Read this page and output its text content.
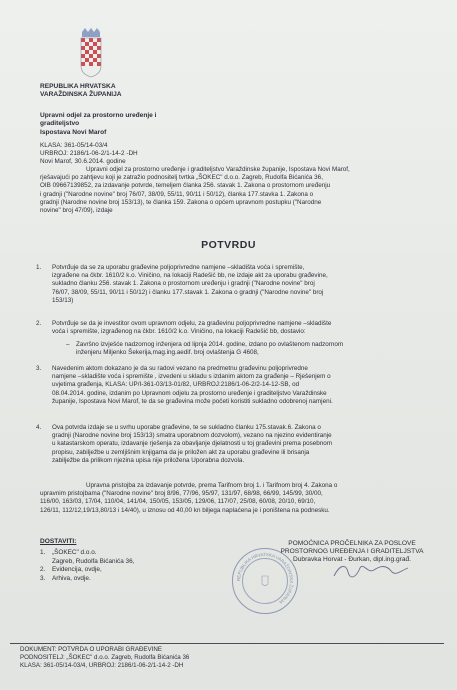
REPUBLIKA HRVATSKA
VARAŽDINSKA ŽUPANIJA
Upravni odjel za prostorno uređenje i
graditeljstvo
Ispostava Novi Marof
KLASA: 361-05/14-03/4
URBROJ: 2186/1-06-2/1-14-2 -DH
Novi Marof, 30.6.2014. godine
Upravni odjel za prostorno uređenje i graditeljstvo Varaždinske županije, Ispostava Novi Marof,
rješavajući po zahtjevu koji je zatražio podnositelj tvrtka „ŠOKEC" d.o.o. Zagreb, Rudolfa Bićanića 36,
OIB 09667139852, za izdavanje potvrde, temeljem članka 256. stavak 1. Zakona o prostornom uređenju
i gradnji ("Narodne novine" broj 76/07, 38/09, 55/11, 90/11 i 50/12), članka 177.stavka 1. Zakona o
gradnji (Narodne novine broj 153/13), te članka 159. Zakona o općem upravnom postupku ("Narodne
novine" broj 47/09), izdaje
POTVRDU
1.	Potvrđuje da se za uporabu građevine poljoprivredne namjene –skladišta voća i spremište,
izgrađene na čkbr. 1610/2 k.o. Viničino, na lokaciji Radešić bb, ne izdaje akt za uporabu građevine,
sukladno članku 256. stavak 1. Zakona o prostornom uređenju i gradnji ("Narodne novine" broj
76/07, 38/09, 55/11, 90/11 i 50/12) i članku 177.stavak 1. Zakona o gradnji ("Narodne novine" broj
153/13)
2.	Potvrđuje se da je investitor ovom upravnom odjelu, za građevinu poljoprivredne namjene –skladište
voća i spremište, izgrađenog na čkbr. 1610/2 k.o. Viničino, na lokaciji Radešić bb, dostavio:
– Završno izvješće nadzornog inženjera od lipnja 2014. godine, izdano po ovlaštenom nadzornom
inženjeru Miljenko Šekerija,mag.ing.aedif. broj ovlaštenja G 4608,
3.	Navedenim aktom dokazano je da su radovi vezano na predmetnu građevinu poljoprivredne
namjene –skladište voća i spremište , izvedeni u skladu s izdanim aktom za građenje – Rješenjem o
uvjetima građenja, KLASA: UP/I-361-03/13-01/82, URBROJ:2186/1-06-2/2-14-12-SB, od
08.04.2014. godine, izdanim po Upravnom odjelu za prostorno uređenje i graditeljstvo Varaždinske
županije, Ispostava Novi Marof, te da se građevina može početi koristiti sukladno odobrenoj namjeni.
4.	Ova potvrda izdaje se u svrhu uporabe građevine, te se sukladno članku 175.stavak.6. Zakona o
gradnji (Narodne novine broj 153/13) smatra uporabnom dozvolom), vezano na njezino evidentiranje
u katastarskom operatu, izdavanje rješenja za obavljanje djelatnosti u toj građevini prema posebnom
propisu, zabilježbe u zemljišnim knjigama da je priložen akt za uporabu građevine ili brisanja
zabilježbe da prilikom njezina upisa nije priložena Uporabna dozvola.
Upravna pristojba za izdavanje potvrde, prema Tarifnom broj 1. i Tarifnom broj 4. Zakona o
upravnim pristojbama ("Narodne novine" broj 8/96, 77/96, 95/97, 131/97, 68/98, 66/99, 145/99, 30/00,
116/00, 163/03, 17/04, 110/04, 141/04, 150/05, 153/05, 129/06, 117/07, 25/08, 60/08, 20/10, 69/10,
126/11, 112/12,19/13,80/13 i 14/40), u iznosu od 40,00 kn biljega naplaćena je i poništena na podnesku.
DOSTAVITI:
1. „ŠOKEC" d.o.o.
Zagreb, Rudolfa Bićanića 36,
2. Evidencija, ovdje,
3. Arhiva, ovdje.	REPUBLIKA HRVATSKA VARAŽDINSKA ŽUPANIJA
POMOĆNICA PROČELNIKA ZA POSLOVE
PROSTORNOG UREĐENJA I GRADITELJSTVA
Dubravka Horvat - Đurkan, dipl.ing.građ.
DOKUMENT: POTVRDA O UPORABI GRAĐEVINE
PODNOSITELJ: „ŠOKEC" d.o.o. Zagreb, Rudolfa Bićanića 36
KLASA: 361-05/14-03/4, URBROJ: 2186/1-06-2/1-14-2 -DH
